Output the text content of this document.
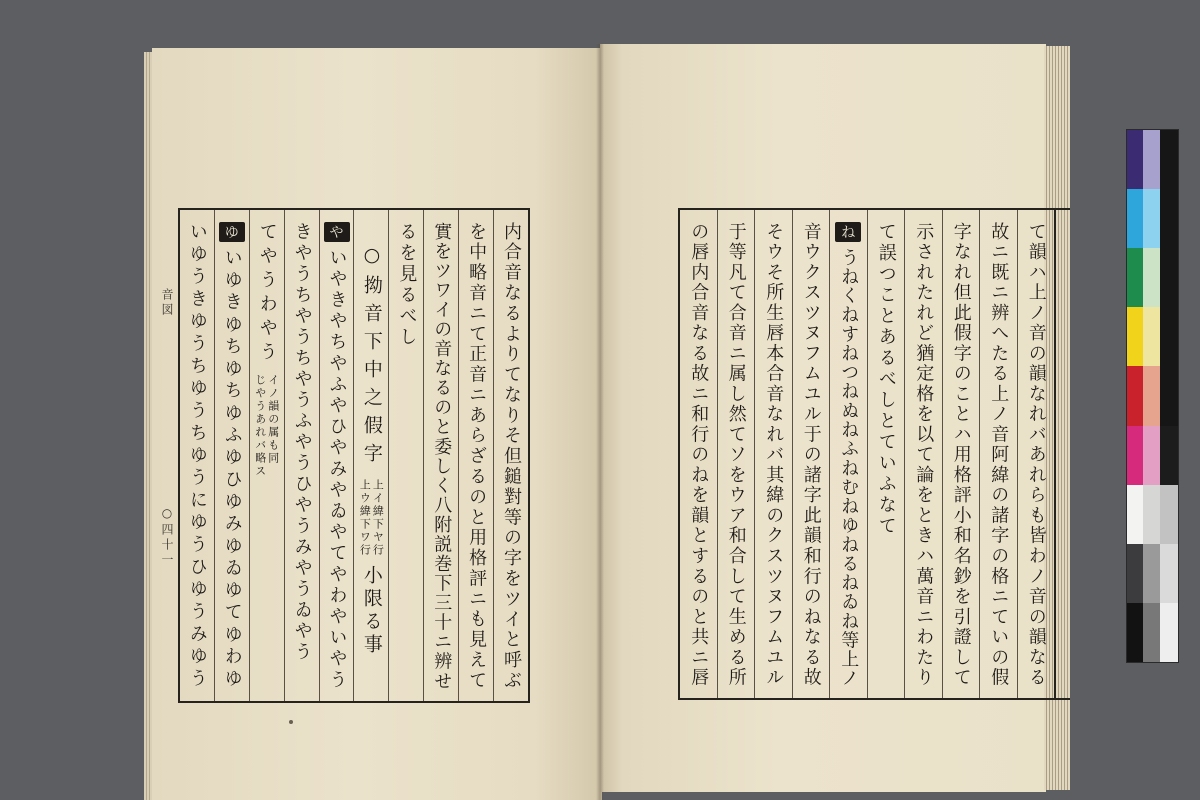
音図
○四十一	内合音なるよりてなりそ但鎚對等の字をツイと呼ぶ
を中略音ニて正音ニあらざるのと用格評ニも見えて
實をツワイの音なるのと委しく八附説巻下三十ニ辨せ
るを見るべし
○拗音下中之假字
上イ緯下ヤ行
上ウ緯下ワ行
小限る事
や
いやきやちやふやひやみやゐやてやわやいやう
きやうちやうちやうふやうひやうみやうゐやう
てやうわやう
イノ韻の属も同
じやうあれバ略ス
ゆ
いゆきゆちゆちゆふゆひゆみゆゐゆてゆわゆ
いゆうきゆうちゆうちゆうにゆうひゆうみゆう	て韻ハ上ノ音の韻なれバあれらも皆わノ音の韻なる
故ニ既ニ辨へたる上ノ音阿緯の諸字の格ニていの假
字なれ但此假字のことハ用格評小和名鈔を引證して
示されたれど猶定格を以て論をときハ萬音ニわたり
て誤つことあるべしとていふなて
ね
うねくねすねつねぬねふねむねゆねるねゐね等上ノ
音ウクスツヌフムユル于の諸字此韻和行のねなる故
そウそ所生唇本合音なれバ其緯のクスツヌフムユル
于等凡て合音ニ属し然てソをウア和合して生める所
の唇内合音なる故ニ和行のねを韻とするのと共ニ唇
